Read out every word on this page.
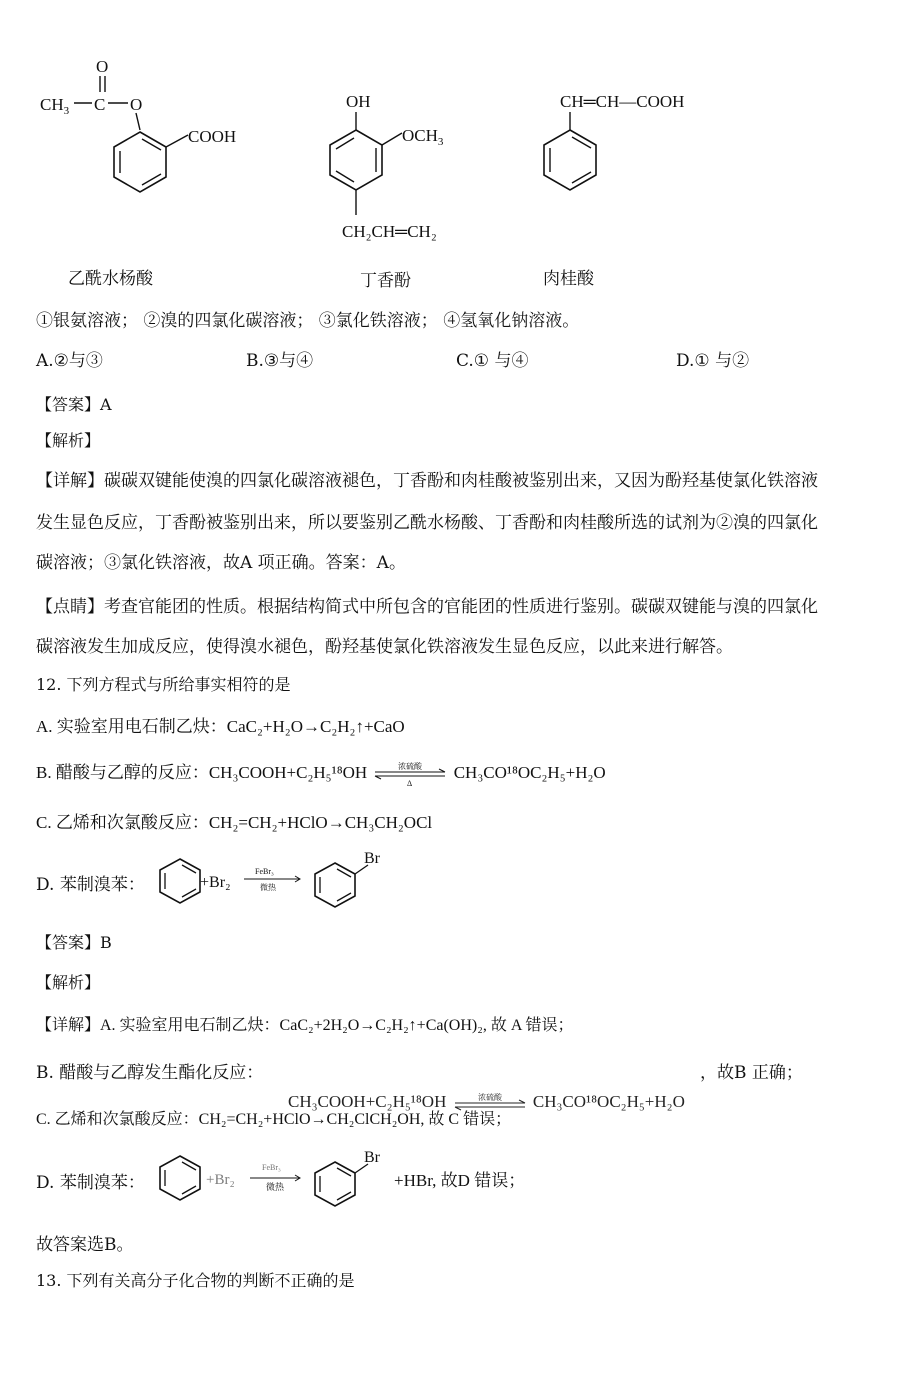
O
$CH_3$ C O
COOH
乙酰水杨酸
OH
$OCH_3$
CH₂CH═CH₂
丁香酚
CH═CH—COOH
肉桂酸
①银氨溶液； ②溴的四氯化碳溶液； ③氯化铁溶液； ④氢氧化钠溶液。
A.②与③	B.③与④	C.① 与④	D.① 与②
【答案】A
【解析】
【详解】碳碳双键能使溴的四氯化碳溶液褪色，丁香酚和肉桂酸被鉴别出来，又因为酚羟基使氯化铁溶液
发生显色反应，丁香酚被鉴别出来，所以要鉴别乙酰水杨酸、丁香酚和肉桂酸所选的试剂为②溴的四氯化
碳溶液；③氯化铁溶液，故A 项正确。答案：A。
【点睛】考查官能团的性质。根据结构简式中所包含的官能团的性质进行鉴别。碳碳双键能与溴的四氯化
碳溶液发生加成反应，使得溴水褪色，酚羟基使氯化铁溶液发生显色反应，以此来进行解答。
12. 下列方程式与所给事实相符的是
A. 实验室用电石制乙炔：CaC₂+H₂O→C₂H₂↑+CaO
B. 醋酸与乙醇的反应：CH₃COOH+C₂H₅¹⁸OH	浓硫酸
Δ
CH₃CO¹⁸OC₂H₅+H₂O
C. 乙烯和次氯酸反应：CH₂=CH₂+HClO→CH₃CH₂OCl
D. 苯制溴苯：	+Br₂
FeBr₃
微热
Br
【答案】B
【解析】
【详解】A. 实验室用电石制乙炔：CaC₂+2H₂O→C₂H₂↑+Ca(OH)₂, 故 A 错误；
B. 醋酸与乙醇发生酯化反应：	，故B 正确；
C. 乙烯和次氯酸反应：CH₂=CH₂+HClO→CH₂ClCH₂OH, 故 C 错误；
CH₃COOH+C₂H₅¹⁸OH	浓硫酸 CH₃CO¹⁸OC₂H₅+H₂O
D. 苯制溴苯：	+Br₂
FeBr₃
微热
Br
+HBr, 故D 错误；
故答案选B。
13. 下列有关高分子化合物的判断不正确的是
